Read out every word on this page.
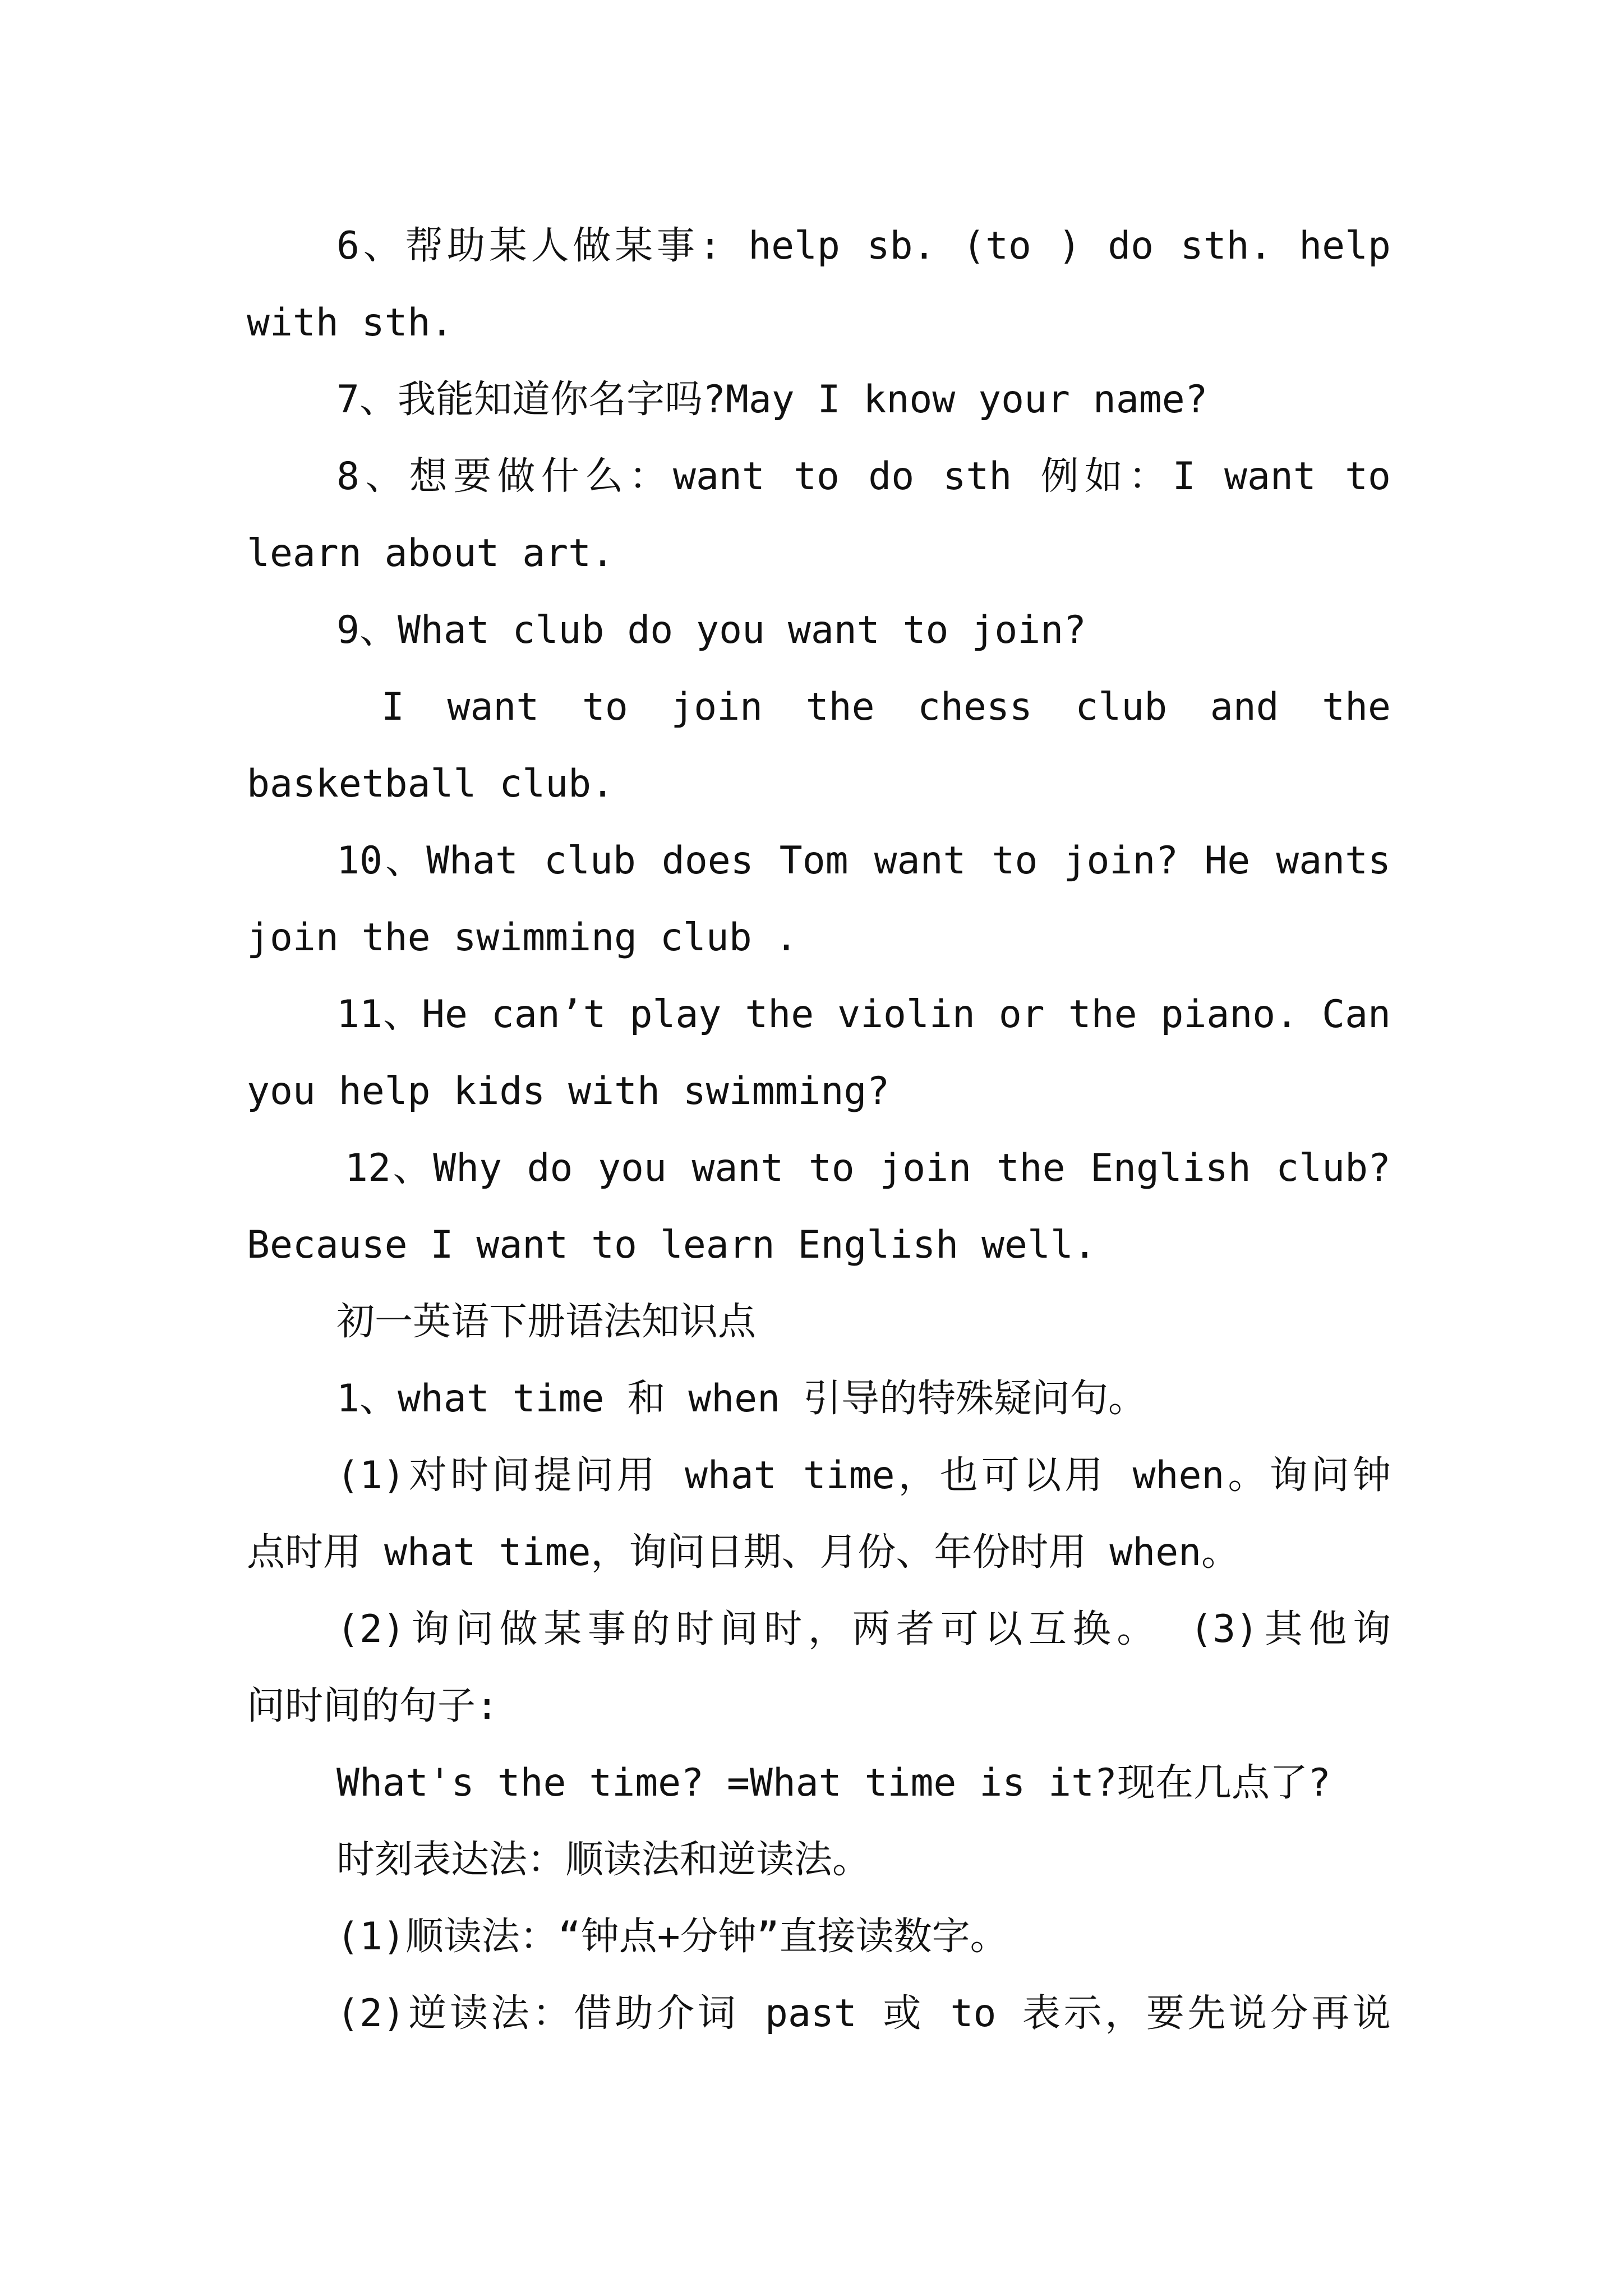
6、帮助某人做某事: help sb. (to ) do sth. help
with sth.
7、我能知道你名字吗?May I know your name?
8、想要做什么：want to do sth 例如：I want to
learn about art.
9、What club do you want to join?
I want to join the chess club and the
basketball club.
10、What club does Tom want to join? He wants
join the swimming club .
11、He can’t play the violin or the piano. Can
you help kids with swimming?
12、Why do you want to join the English club?
Because I want to learn English well.
初一英语下册语法知识点
1、what time 和 when 引导的特殊疑问句。
(1)对时间提问用 what time，也可以用 when。询问钟
点时用 what time，询问日期、月份、年份时用 when。
(2)询问做某事的时间时，两者可以互换。 (3)其他询
问时间的句子:
What's the time? =What time is it?现在几点了?
时刻表达法：顺读法和逆读法。
(1)顺读法：“钟点+分钟”直接读数字。
(2)逆读法：借助介词 past 或 to 表示，要先说分再说
